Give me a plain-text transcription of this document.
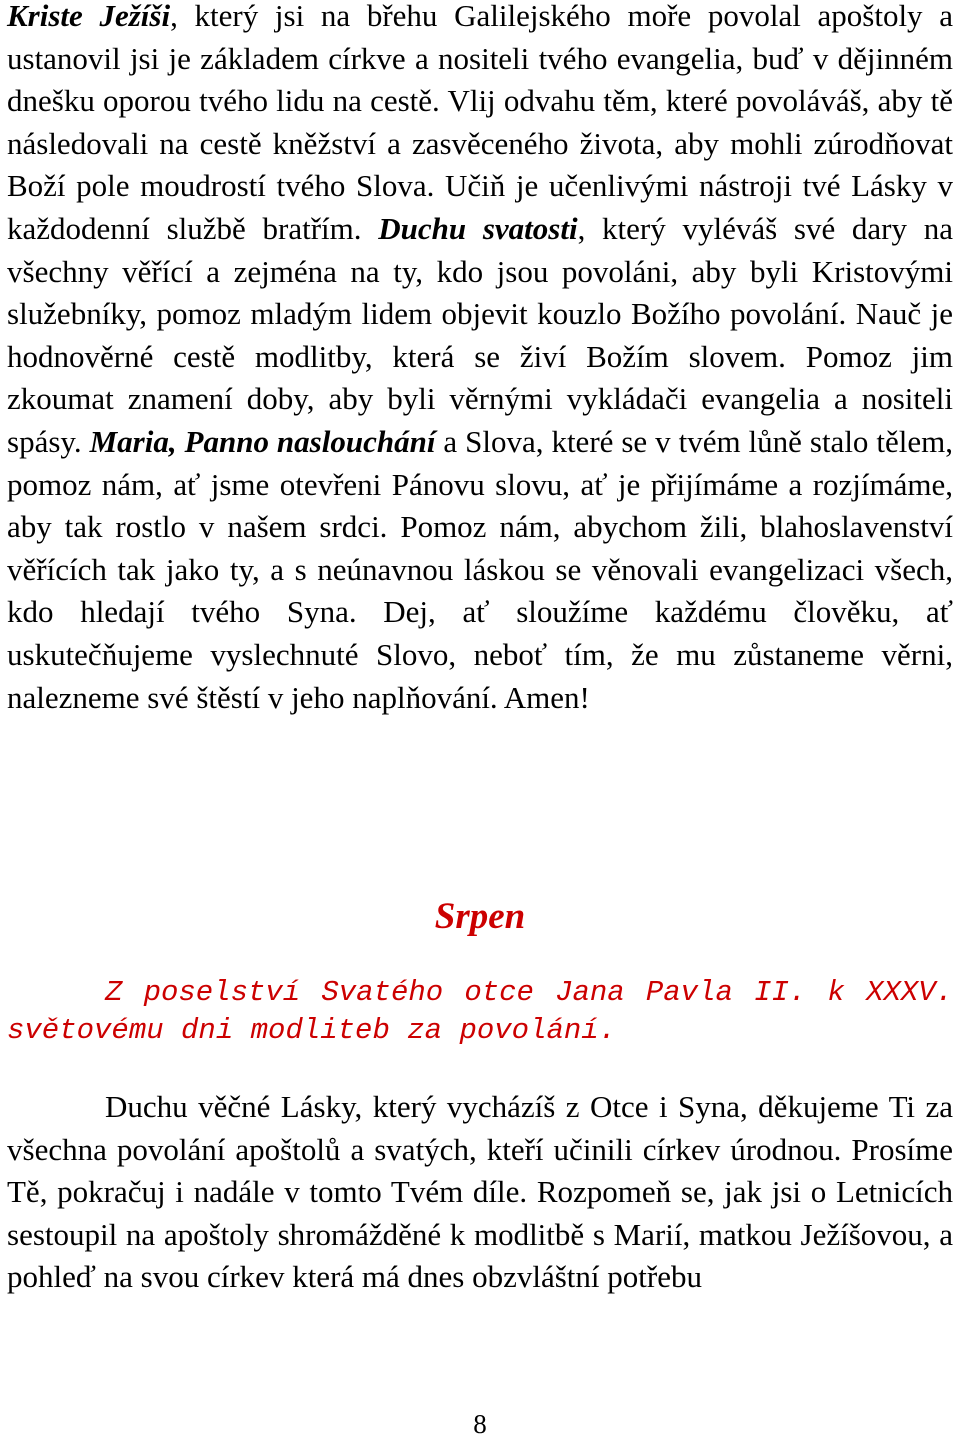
Kriste Ježíši, který jsi na břehu Galilejského moře povolal apoštoly a ustanovil jsi je základem církve a nositeli tvého evangelia, buď v dějinném dnešku oporou tvého lidu na cestě. Vlij odvahu těm, které povoláváš, aby tě následovali na cestě kněžství a zasvěceného života, aby mohli zúrodňovat Boží pole moudrostí tvého Slova. Učiň je učenlivými nástroji tvé Lásky v každodenní službě bratřím. Duchu svatosti, který vyléváš své dary na všechny věřící a zejména na ty, kdo jsou povoláni, aby byli Kristovými služebníky, pomoz mladým lidem objevit kouzlo Božího povolání. Nauč je hodnověrné cestě modlitby, která se živí Božím slovem. Pomoz jim zkoumat znamení doby, aby byli věrnými vykládači evangelia a nositeli spásy. Maria, Panno naslouchání a Slova, které se v tvém lůně stalo tělem, pomoz nám, ať jsme otevřeni Pánovu slovu, ať je přijímáme a rozjímáme, aby tak rostlo v našem srdci. Pomoz nám, abychom žili, blahoslavenství věřících tak jako ty, a s neúnavnou láskou se věnovali evangelizaci všech, kdo hledají tvého Syna. Dej, ať sloužíme každému člověku, ať uskutečňujeme vyslechnuté Slovo, neboť tím, že mu zůstaneme věrni, nalezneme své štěstí v jeho naplňování. Amen!

Srpen

Z poselství Svatého otce Jana Pavla II. k XXXV. světovému dni modliteb za povolání.

Duchu věčné Lásky, který vycházíš z Otce i Syna, děkujeme Ti za všechna povolání apoštolů a svatých, kteří učinili církev úrodnou. Prosíme Tě, pokračuj i nadále v tomto Tvém díle. Rozpomeň se, jak jsi o Letnicích sestoupil na apoštoly shromážděné k modlitbě s Marií, matkou Ježíšovou, a pohleď na svou církev která má dnes obzvláštní potřebu

8
